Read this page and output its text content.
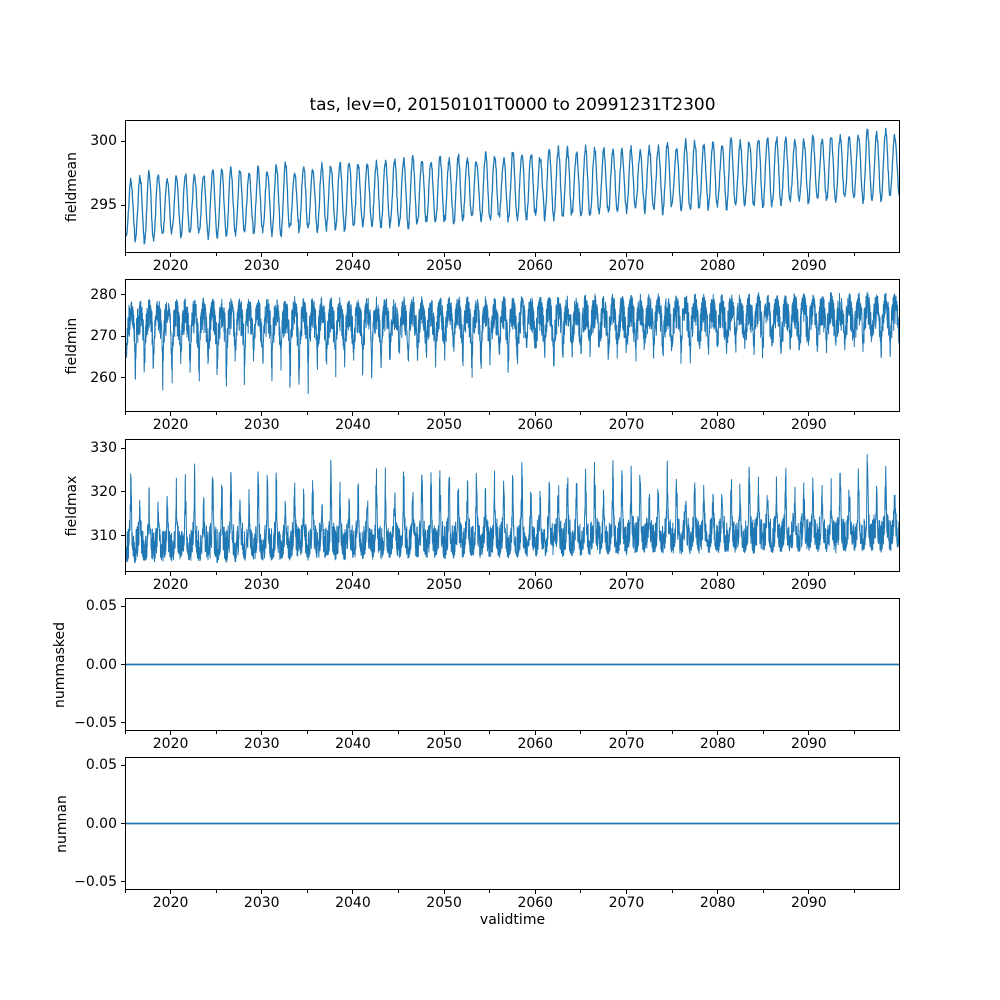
tas, lev=0, 20150101T0000 to 20991231T2300
fieldmean
fieldmin
fieldmax
nummasked
numnan
validtime
295
300
2020	2030	2040	2050	2060	2070	2080	2090
260
270
280
2020	2030	2040	2050	2060	2070	2080	2090
310
320
330
2020	2030	2040	2050	2060	2070	2080	2090
−0.05
0.00
0.05
2020	2030	2040	2050	2060	2070	2080	2090
−0.05
0.00
0.05
2020	2030	2040	2050	2060	2070	2080	2090
